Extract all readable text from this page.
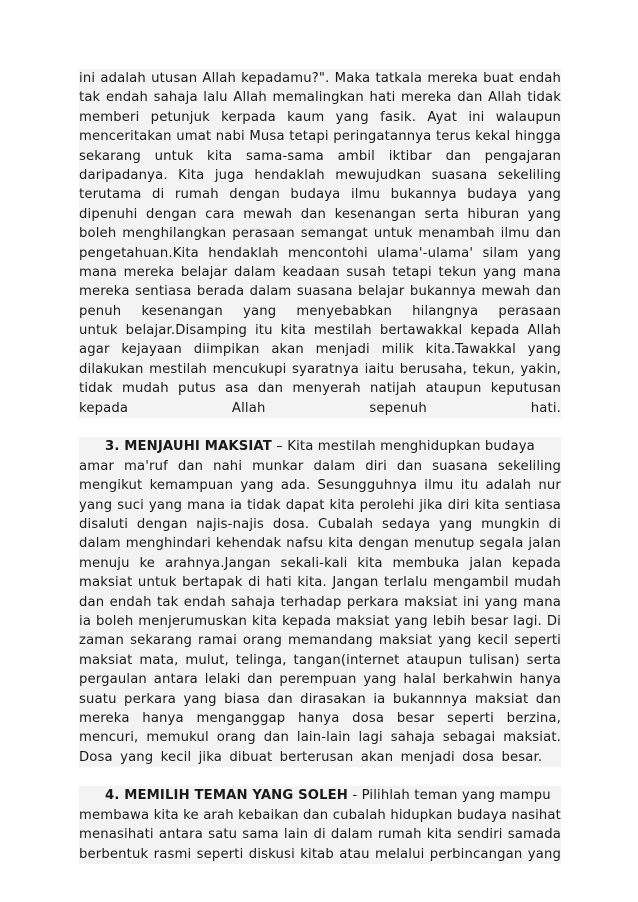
ini adalah utusan Allah kepadamu?". Maka tatkala mereka buat endah
tak endah sahaja lalu Allah memalingkan hati mereka dan Allah tidak
memberi petunjuk kerpada kaum yang fasik. Ayat ini walaupun
menceritakan umat nabi Musa tetapi peringatannya terus kekal hingga
sekarang untuk kita sama-sama ambil iktibar dan pengajaran
daripadanya. Kita juga hendaklah mewujudkan suasana sekeliling
terutama di rumah dengan budaya ilmu bukannya budaya yang
dipenuhi dengan cara mewah dan kesenangan serta hiburan yang
boleh menghilangkan perasaan semangat untuk menambah ilmu dan
pengetahuan.Kita hendaklah mencontohi ulama'-ulama' silam yang
mana mereka belajar dalam keadaan susah tetapi tekun yang mana
mereka sentiasa berada dalam suasana belajar bukannya mewah dan
penuh kesenangan yang menyebabkan hilangnya perasaan
untuk belajar.Disamping itu kita mestilah bertawakkal kepada Allah
agar kejayaan diimpikan akan menjadi milik kita.Tawakkal yang
dilakukan mestilah mencukupi syaratnya iaitu berusaha, tekun, yakin,
tidak mudah putus asa dan menyerah natijah ataupun keputusan
kepada Allah sepenuh hati.
3. MENJAUHI MAKSIAT – Kita mestilah menghidupkan budaya
amar ma'ruf dan nahi munkar dalam diri dan suasana sekeliling
mengikut kemampuan yang ada. Sesungguhnya ilmu itu adalah nur
yang suci yang mana ia tidak dapat kita perolehi jika diri kita sentiasa
disaluti dengan najis-najis dosa. Cubalah sedaya yang mungkin di
dalam menghindari kehendak nafsu kita dengan menutup segala jalan
menuju ke arahnya.Jangan sekali-kali kita membuka jalan kepada
maksiat untuk bertapak di hati kita. Jangan terlalu mengambil mudah
dan endah tak endah sahaja terhadap perkara maksiat ini yang mana
ia boleh menjerumuskan kita kepada maksiat yang lebih besar lagi. Di
zaman sekarang ramai orang memandang maksiat yang kecil seperti
maksiat mata, mulut, telinga, tangan(internet ataupun tulisan) serta
pergaulan antara lelaki dan perempuan yang halal berkahwin hanya
suatu perkara yang biasa dan dirasakan ia bukannnya maksiat dan
mereka hanya menganggap hanya dosa besar seperti berzina,
mencuri, memukul orang dan lain-lain lagi sahaja sebagai maksiat.
Dosa yang kecil jika dibuat berterusan akan menjadi dosa besar.
4. MEMILIH TEMAN YANG SOLEH - Pilihlah teman yang mampu
membawa kita ke arah kebaikan dan cubalah hidupkan budaya nasihat
menasihati antara satu sama lain di dalam rumah kita sendiri samada
berbentuk rasmi seperti diskusi kitab atau melalui perbincangan yang
